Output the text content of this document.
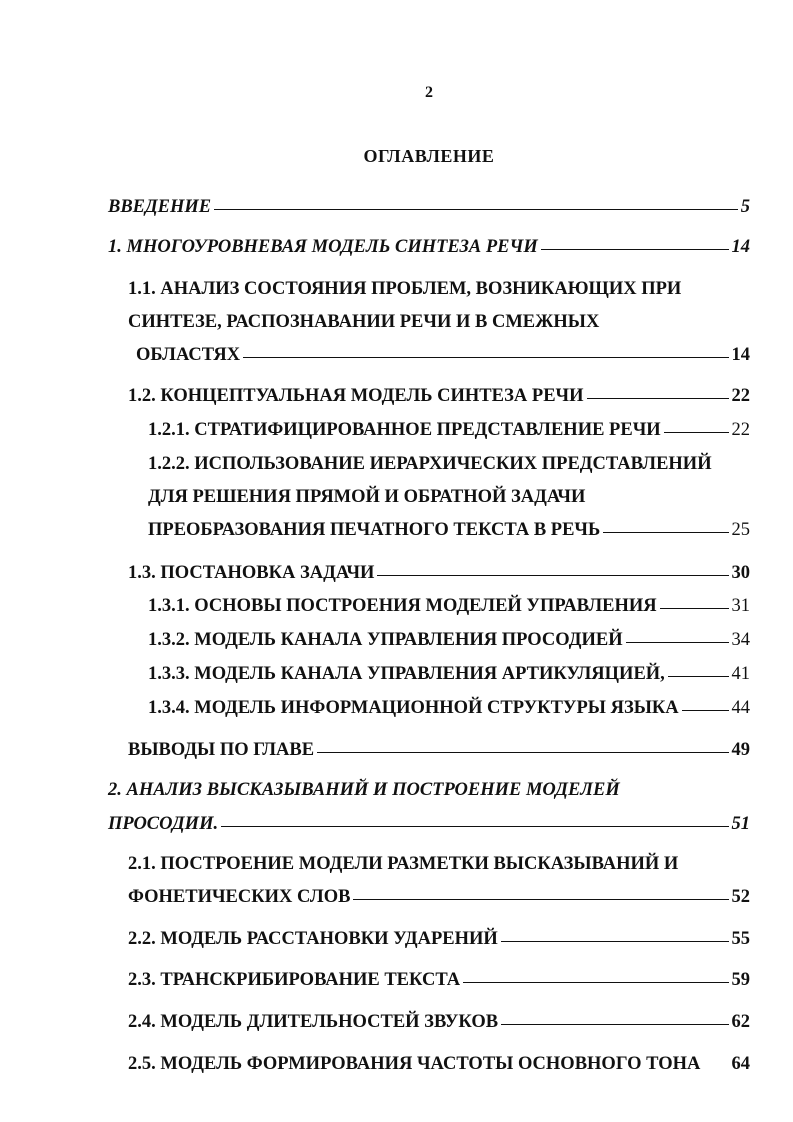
2
ОГЛАВЛЕНИЕ
ВВЕДЕНИЕ	5
1. МНОГОУРОВНЕВАЯ МОДЕЛЬ СИНТЕЗА РЕЧИ	14
1.1. АНАЛИЗ СОСТОЯНИЯ ПРОБЛЕМ, ВОЗНИКАЮЩИХ ПРИ
СИНТЕЗЕ, РАСПОЗНАВАНИИ РЕЧИ И В СМЕЖНЫХ
ОБЛАСТЯХ	14
1.2. КОНЦЕПТУАЛЬНАЯ МОДЕЛЬ СИНТЕЗА РЕЧИ	22
1.2.1. СТРАТИФИЦИРОВАННОЕ ПРЕДСТАВЛЕНИЕ РЕЧИ	22
1.2.2. ИСПОЛЬЗОВАНИЕ ИЕРАРХИЧЕСКИХ ПРЕДСТАВЛЕНИЙ
ДЛЯ РЕШЕНИЯ ПРЯМОЙ И ОБРАТНОЙ ЗАДАЧИ
ПРЕОБРАЗОВАНИЯ ПЕЧАТНОГО ТЕКСТА В РЕЧЬ	25
1.3. ПОСТАНОВКА ЗАДАЧИ	30
1.3.1. ОСНОВЫ ПОСТРОЕНИЯ МОДЕЛЕЙ УПРАВЛЕНИЯ	31
1.3.2. МОДЕЛЬ КАНАЛА УПРАВЛЕНИЯ ПРОСОДИЕЙ	34
1.3.3. МОДЕЛЬ КАНАЛА УПРАВЛЕНИЯ АРТИКУЛЯЦИЕЙ,	41
1.3.4. МОДЕЛЬ ИНФОРМАЦИОННОЙ СТРУКТУРЫ ЯЗЫКА	44
ВЫВОДЫ ПО ГЛАВЕ	49
2. АНАЛИЗ ВЫСКАЗЫВАНИЙ И ПОСТРОЕНИЕ МОДЕЛЕЙ
ПРОСОДИИ.	51
2.1. ПОСТРОЕНИЕ МОДЕЛИ РАЗМЕТКИ ВЫСКАЗЫВАНИЙ И
ФОНЕТИЧЕСКИХ СЛОВ	52
2.2. МОДЕЛЬ РАССТАНОВКИ УДАРЕНИЙ	55
2.3. ТРАНСКРИБИРОВАНИЕ ТЕКСТА	59
2.4. МОДЕЛЬ ДЛИТЕЛЬНОСТЕЙ ЗВУКОВ	62
2.5. МОДЕЛЬ ФОРМИРОВАНИЯ ЧАСТОТЫ ОСНОВНОГО ТОНА 64
